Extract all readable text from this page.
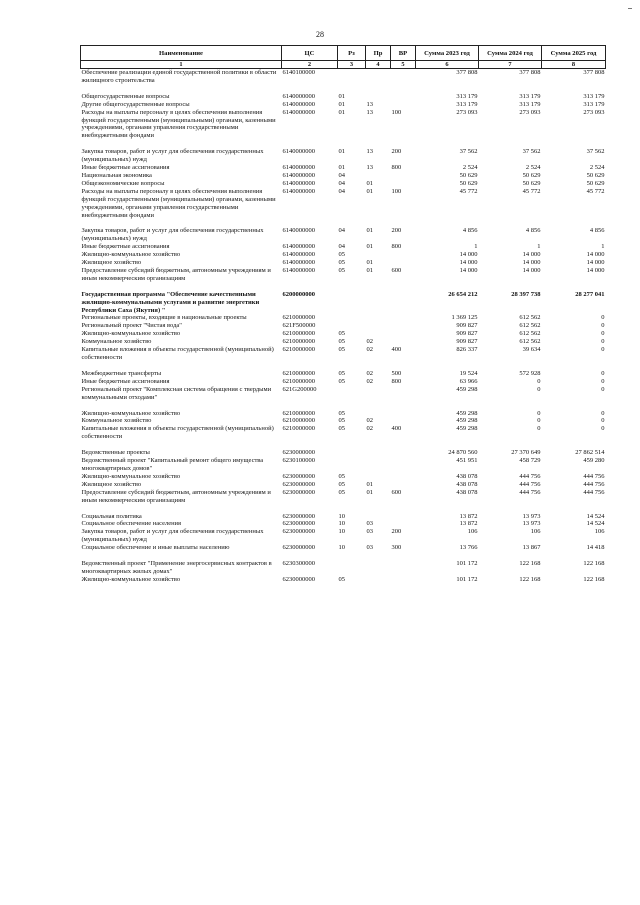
28
Наименование	ЦС	Рз	Пр	ВР	Сумма 2023 год	Сумма 2024 год	Сумма 2025 год
1	2	3	4	5	6	7	8
Обеспечение реализации единой государственной политики в области жилищного строительства	6140100000				377 808	377 808	377 808

Общегосударственные вопросы	6140000000	01			313 179	313 179	313 179
Другие общегосударственные вопросы	6140000000	01	13		313 179	313 179	313 179
Расходы на выплаты персоналу в целях обеспечения выполнения функций государственными (муниципальными) органами, казенными учреждениями, органами управления государственными внебюджетными фондами	6140000000	01	13	100	273 093	273 093	273 093

Закупка товаров, работ и услуг для обеспечения государственных (муниципальных) нужд	6140000000	01	13	200	37 562	37 562	37 562
Иные бюджетные ассигнования	6140000000	01	13	800	2 524	2 524	2 524
Национальная экономика	6140000000	04			50 629	50 629	50 629
Общеэкономические вопросы	6140000000	04	01		50 629	50 629	50 629
Расходы на выплаты персоналу в целях обеспечения выполнения функций государственными (муниципальными) органами, казенными учреждениями, органами управления государственными внебюджетными фондами	6140000000	04	01	100	45 772	45 772	45 772

Закупка товаров, работ и услуг для обеспечения государственных (муниципальных) нужд	6140000000	04	01	200	4 856	4 856	4 856
Иные бюджетные ассигнования	6140000000	04	01	800	1	1	1
Жилищно-коммунальное хозяйство	6140000000	05			14 000	14 000	14 000
Жилищное хозяйство	6140000000	05	01		14 000	14 000	14 000
Предоставление субсидий бюджетным, автономным учреждениям и иным некоммерческим организациям	6140000000	05	01	600	14 000	14 000	14 000

Государственная программа "Обеспечение качественными жилищно-коммунальными услугами и развитие энергетики Республики Саха (Якутия) "	6200000000				26 654 212	28 397 738	28 277 041
Региональные проекты, входящие в национальные проекты	6210000000				1 369 125	612 562	0
Региональный проект "Чистая вода"	621F500000				909 827	612 562	0
Жилищно-коммунальное хозяйство	6210000000	05			909 827	612 562	0
Коммунальное хозяйство	6210000000	05	02		909 827	612 562	0
Капитальные вложения в объекты государственной (муниципальной) собственности	6210000000	05	02	400	826 337	39 634	0

Межбюджетные трансферты	6210000000	05	02	500	19 524	572 928	0
Иные бюджетные ассигнования	6210000000	05	02	800	63 966	0	0
Региональный проект "Комплексная система обращения с твердыми коммунальными отходами"	621G200000				459 298	0	0

Жилищно-коммунальное хозяйство	6210000000	05			459 298	0	0
Коммунальное хозяйство	6210000000	05	02		459 298	0	0
Капитальные вложения в объекты государственной (муниципальной) собственности	6210000000	05	02	400	459 298	0	0

Ведомственные проекты	6230000000				24 870 560	27 370 649	27 862 514
Ведомственный проект "Капитальный ремонт общего имущества многоквартирных домов"	6230100000				451 951	458 729	459 280
Жилищно-коммунальное хозяйство	6230000000	05			438 078	444 756	444 756
Жилищное хозяйство	6230000000	05	01		438 078	444 756	444 756
Предоставление субсидий бюджетным, автономным учреждениям и иным некоммерческим организациям	6230000000	05	01	600	438 078	444 756	444 756

Социальная политика	6230000000	10			13 872	13 973	14 524
Социальное обеспечение населения	6230000000	10	03		13 872	13 973	14 524
Закупка товаров, работ и услуг для обеспечения государственных (муниципальных) нужд	6230000000	10	03	200	106	106	106
Социальное обеспечение и иные выплаты населению	6230000000	10	03	300	13 766	13 867	14 418

Ведомственный проект "Применение энергосервисных контрактов в многоквартирных жилых домах"	6230300000				101 172	122 168	122 168
Жилищно-коммунальное хозяйство	6230000000	05			101 172	122 168	122 168
